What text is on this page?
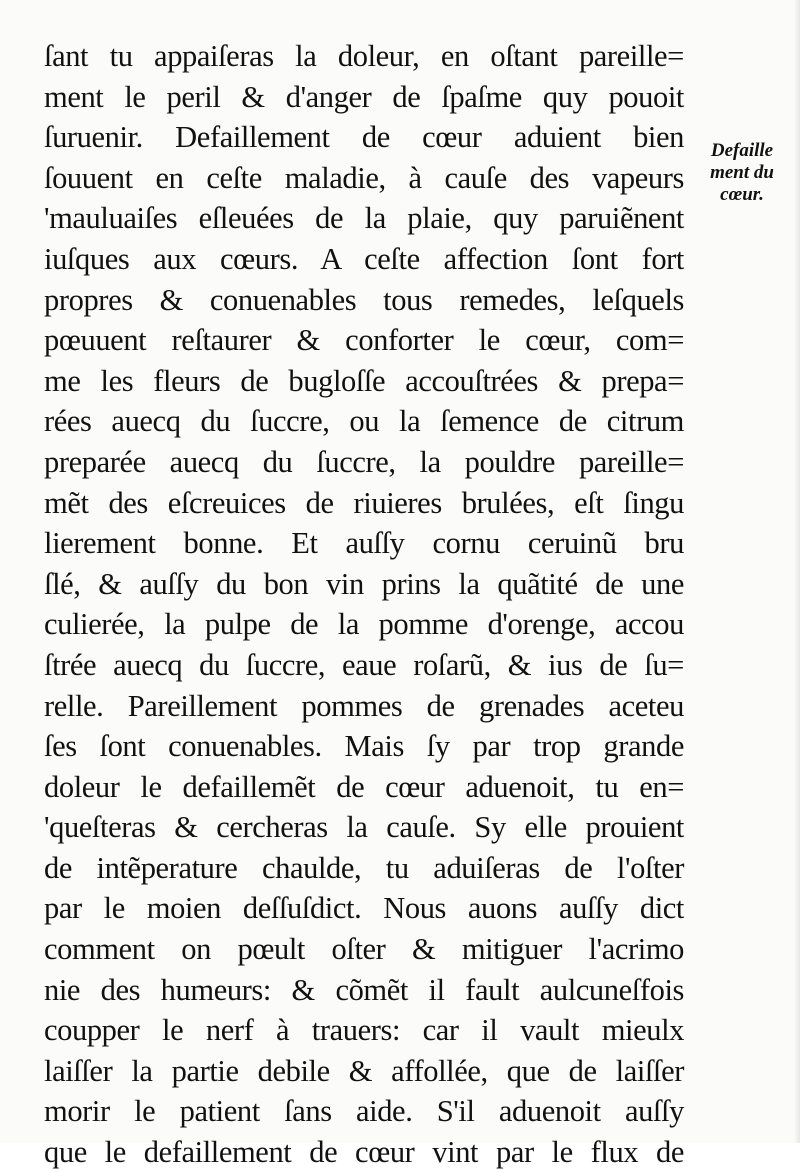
ſant tu appaiſeras la doleur, en oſtant pareille=
ment le peril & d'anger de ſpaſme quy pouoit
ſuruenir. Defaillement de cœur aduient bien
ſouuent en ceſte maladie, à cauſe des vapeurs
'mauluaiſes eſleuées de la plaie, quy paruiẽnent
iuſques aux cœurs. A ceſte affection ſont fort
propres & conuenables tous remedes, leſquels
pœuuent reſtaurer & conforter le cœur, com=
me les fleurs de bugloſſe accouſtrées & prepa=
rées auecq du ſuccre, ou la ſemence de citrum
preparée auecq du ſuccre, la pouldre pareille=
mẽt des eſcreuices de riuieres brulées, eſt ſingu
lierement bonne. Et auſſy cornu ceruinũ bru
ſlé, & auſſy du bon vin prins la quãtité de une
culierée, la pulpe de la pomme d'orenge, accou
ſtrée auecq du ſuccre, eaue roſarũ, & ius de ſu=
relle. Pareillement pommes de grenades aceteu
ſes ſont conuenables. Mais ſy par trop grande
doleur le defaillemẽt de cœur aduenoit, tu en=
'queſteras & cercheras la cauſe. Sy elle prouient
de intẽperature chaulde, tu aduiſeras de l'oſter
par le moien deſſuſdict. Nous auons auſſy dict
comment on pœult oſter & mitiguer l'acrimo
nie des humeurs: & cõmẽt il fault aulcuneſfois
coupper le nerf à trauers: car il vault mieulx
laiſſer la partie debile & affollée, que de laiſſer
morir le patient ſans aide. S'il aduenoit auſſy
que le defaillement de cœur vint par le flux de
Defaille
ment du
cœur.
